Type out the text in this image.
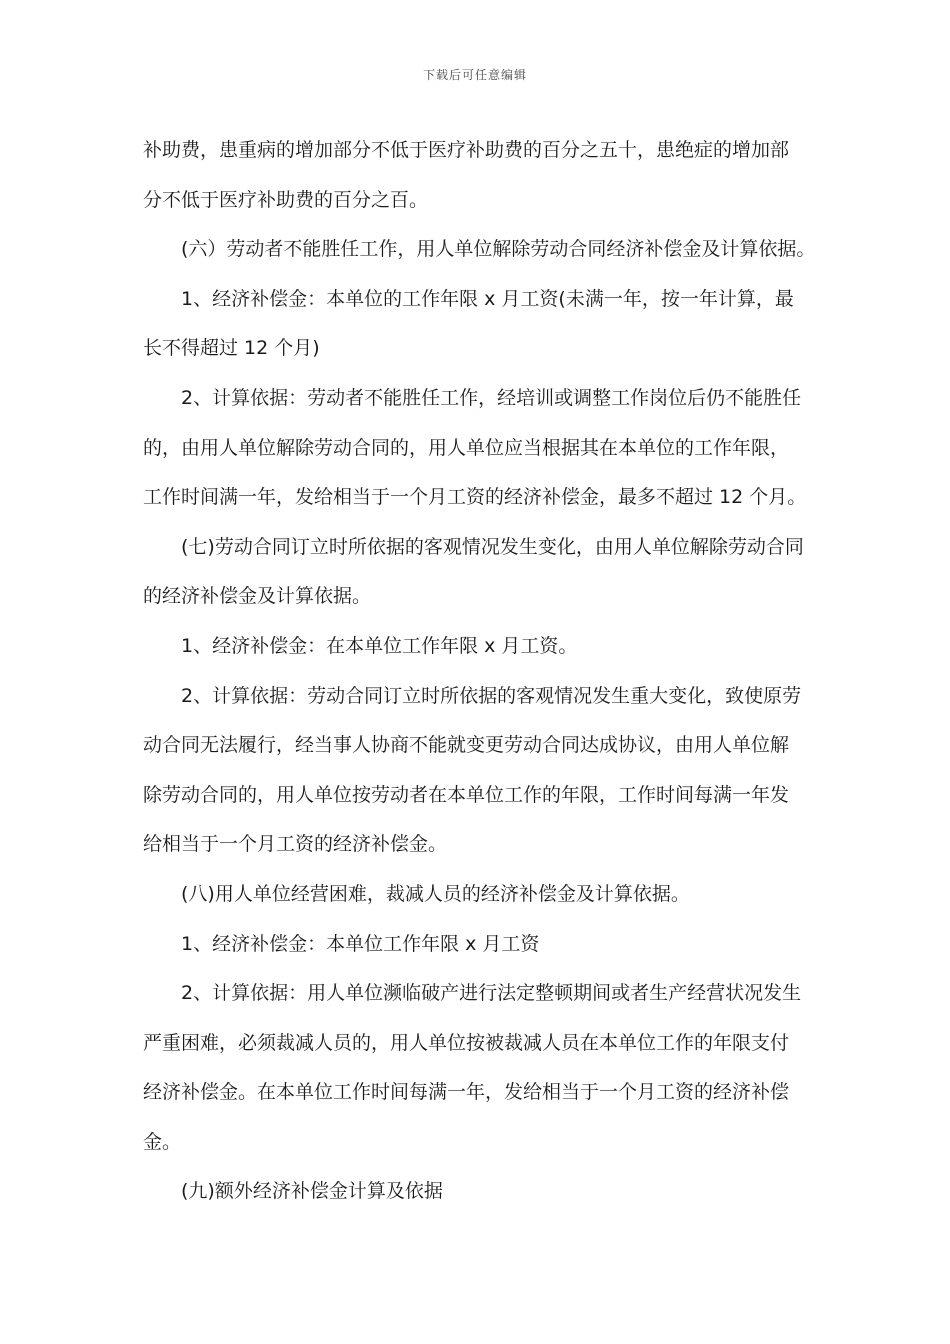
下载后可任意编辑
补助费，患重病的增加部分不低于医疗补助费的百分之五十，患绝症的增加部
分不低于医疗补助费的百分之百。
(六）劳动者不能胜任工作，用人单位解除劳动合同经济补偿金及计算依据。
1、经济补偿金：本单位的工作年限 x 月工资(未满一年，按一年计算，最
长不得超过 12 个月)
2、计算依据：劳动者不能胜任工作，经培训或调整工作岗位后仍不能胜任
的，由用人单位解除劳动合同的，用人单位应当根据其在本单位的工作年限，
工作时间满一年，发给相当于一个月工资的经济补偿金，最多不超过 12 个月。
(七)劳动合同订立时所依据的客观情况发生变化，由用人单位解除劳动合同
的经济补偿金及计算依据。
1、经济补偿金：在本单位工作年限 x 月工资。
2、计算依据：劳动合同订立时所依据的客观情况发生重大变化，致使原劳
动合同无法履行，经当事人协商不能就变更劳动合同达成协议，由用人单位解
除劳动合同的，用人单位按劳动者在本单位工作的年限，工作时间每满一年发
给相当于一个月工资的经济补偿金。
(八)用人单位经营困难，裁减人员的经济补偿金及计算依据。
1、经济补偿金：本单位工作年限 x 月工资
2、计算依据：用人单位濒临破产进行法定整顿期间或者生产经营状况发生
严重困难，必须裁减人员的，用人单位按被裁减人员在本单位工作的年限支付
经济补偿金。在本单位工作时间每满一年，发给相当于一个月工资的经济补偿
金。
(九)额外经济补偿金计算及依据
